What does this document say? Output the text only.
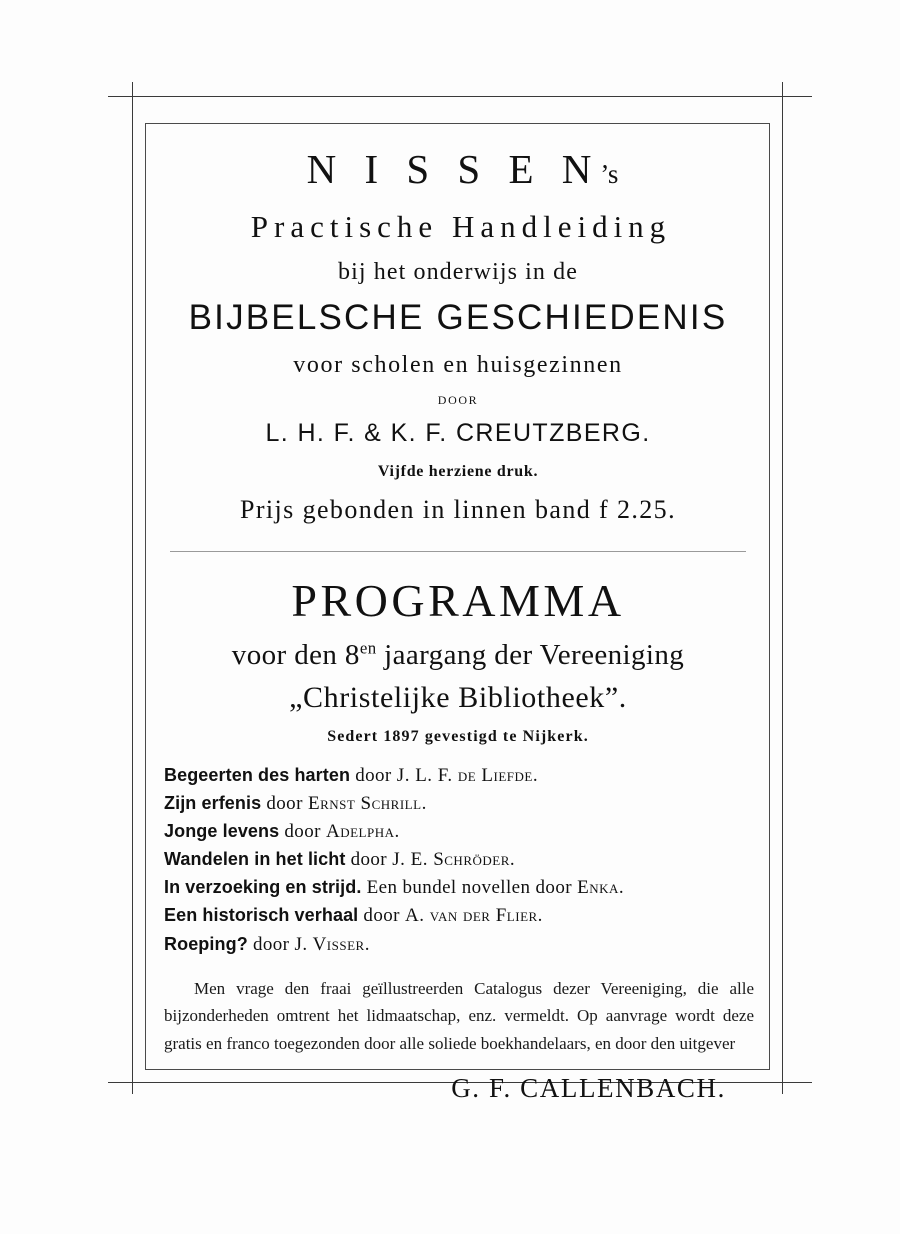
N I S S E N’s
Practische Handleiding
bij het onderwijs in de
BIJBELSCHE GESCHIEDENIS
voor scholen en huisgezinnen
DOOR
L. H. F. & K. F. CREUTZBERG.
Vijfde herziene druk.
Prijs gebonden in linnen band f 2.25.
PROGRAMMA
voor den $8^{en}$ jaargang der Vereeniging
„Christelijke Bibliotheek”.
Sedert 1897 gevestigd te Nijkerk.
Begeerten des harten door J. L. F. de Liefde.
Zijn erfenis door Ernst Schrill.
Jonge levens door Adelpha.
Wandelen in het licht door J. E. Schröder.
In verzoeking en strijd. Een bundel novellen door Enka.
Een historisch verhaal door A. van der Flier.
Roeping? door J. Visser.
Men vrage den fraai geïllustreerden Catalogus dezer Vereeniging, die alle bijzonderheden omtrent het lidmaatschap, enz. vermeldt. Op aanvrage wordt deze gratis en franco toegezonden door alle soliede boekhandelaars, en door den uitgever
G. F. CALLENBACH.
